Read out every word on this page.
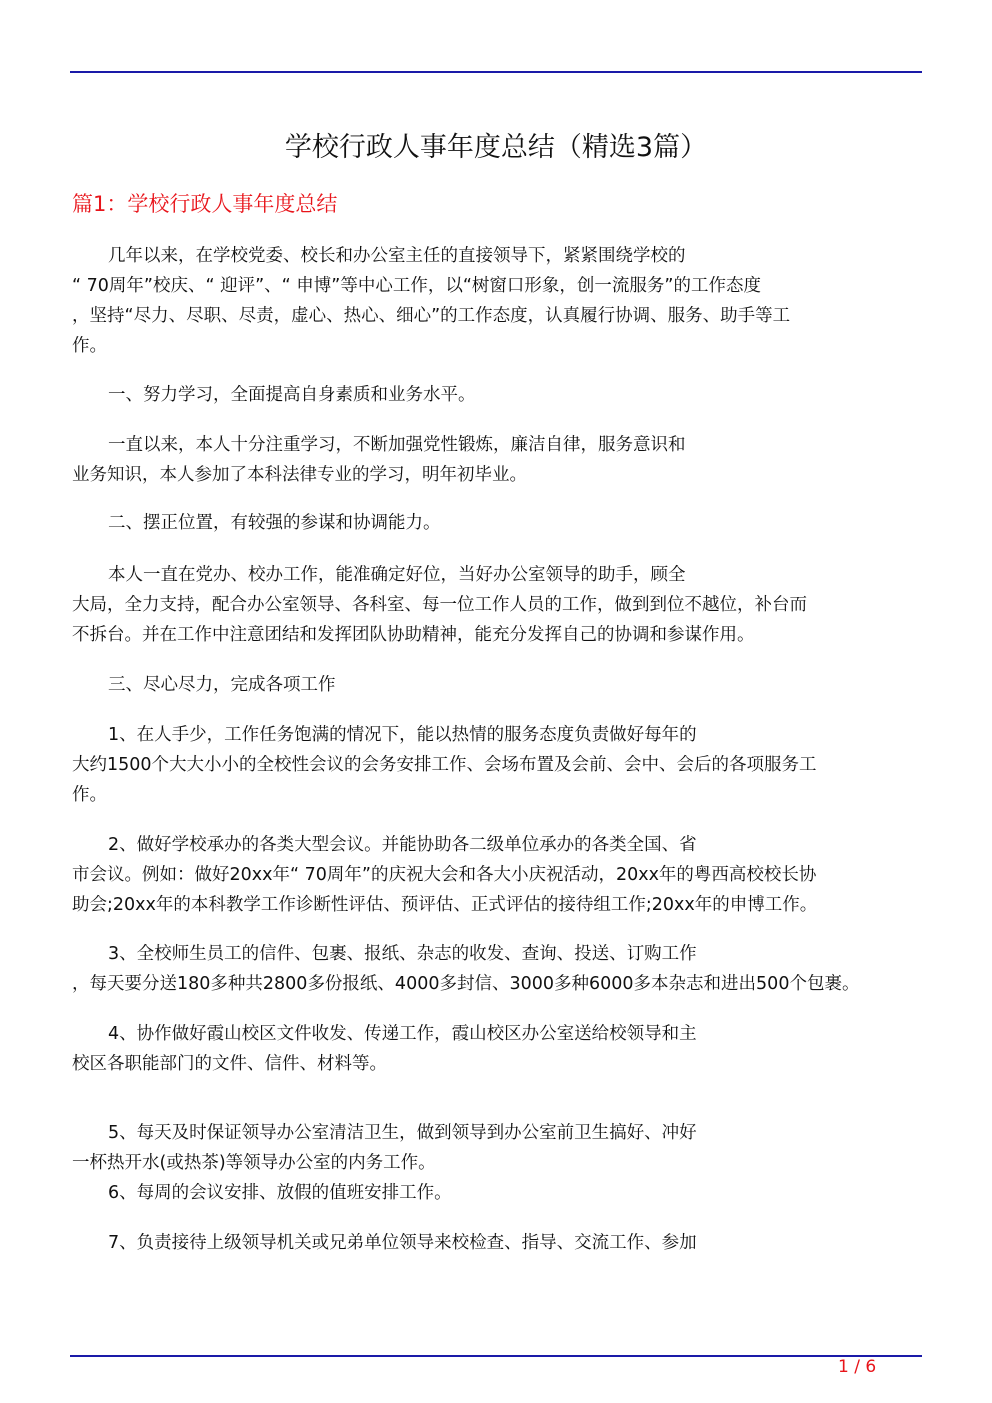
学校行政人事年度总结（精选3篇）
篇1：学校行政人事年度总结
几年以来，在学校党委、校长和办公室主任的直接领导下，紧紧围绕学校的
“ 70周年”校庆、“ 迎评”、“ 申博”等中心工作，以“树窗口形象，创一流服务”的工作态度
，坚持“尽力、尽职、尽责，虚心、热心、细心”的工作态度，认真履行协调、服务、助手等工
作。
一、努力学习，全面提高自身素质和业务水平。
一直以来，本人十分注重学习，不断加强党性锻炼，廉洁自律，服务意识和
业务知识，本人参加了本科法律专业的学习，明年初毕业。
二、摆正位置，有较强的参谋和协调能力。
本人一直在党办、校办工作，能准确定好位，当好办公室领导的助手，顾全
大局，全力支持，配合办公室领导、各科室、每一位工作人员的工作，做到到位不越位，补台而
不拆台。并在工作中注意团结和发挥团队协助精神，能充分发挥自己的协调和参谋作用。
三、尽心尽力，完成各项工作
1、在人手少，工作任务饱满的情况下，能以热情的服务态度负责做好每年的
大约1500个大大小小的全校性会议的会务安排工作、会场布置及会前、会中、会后的各项服务工
作。
2、做好学校承办的各类大型会议。并能协助各二级单位承办的各类全国、省
市会议。例如：做好20xx年“ 70周年”的庆祝大会和各大小庆祝活动，20xx年的粤西高校校长协
助会;20xx年的本科教学工作诊断性评估、预评估、正式评估的接待组工作;20xx年的申博工作。
3、全校师生员工的信件、包裹、报纸、杂志的收发、查询、投送、订购工作
，每天要分送180多种共2800多份报纸、4000多封信、3000多种6000多本杂志和进出500个包裹。
4、协作做好霞山校区文件收发、传递工作，霞山校区办公室送给校领导和主
校区各职能部门的文件、信件、材料等。
5、每天及时保证领导办公室清洁卫生，做到领导到办公室前卫生搞好、冲好
一杯热开水(或热茶)等领导办公室的内务工作。
6、每周的会议安排、放假的值班安排工作。
7、负责接待上级领导机关或兄弟单位领导来校检查、指导、交流工作、参加
1 / 6
